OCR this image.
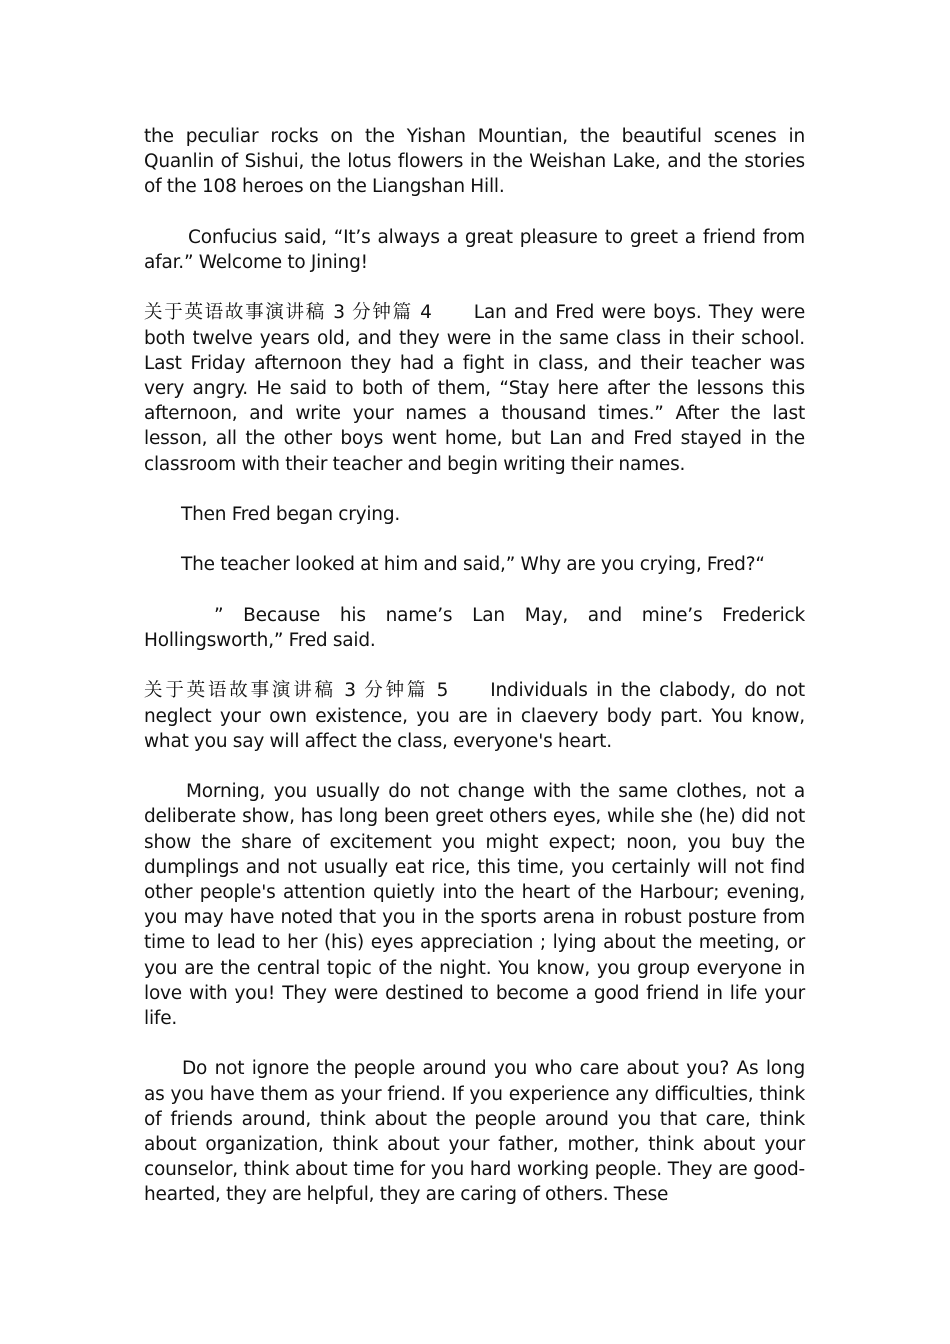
the peculiar rocks on the Yishan Mountian, the beautiful scenes in Quanlin of Sishui, the lotus flowers in the Weishan Lake, and the stories of the 108 heroes on the Liangshan Hill.

Confucius said, “It’s always a great pleasure to greet a friend from afar.” Welcome to Jining!

关于英语故事演讲稿 3 分钟篇 4 Lan and Fred were boys. They were both twelve years old, and they were in the same class in their school. Last Friday afternoon they had a fight in class, and their teacher was very angry. He said to both of them, “Stay here after the lessons this afternoon, and write your names a thousand times.” After the last lesson, all the other boys went home, but Lan and Fred stayed in the classroom with their teacher and begin writing their names.

Then Fred began crying.

The teacher looked at him and said,” Why are you crying, Fred?“

” Because his name’s Lan May, and mine’s Frederick Hollingsworth,” Fred said.

关于英语故事演讲稿 3 分钟篇 5 Individuals in the clabody, do not neglect your own existence, you are in claevery body part. You know, what you say will affect the class, everyone's heart.

Morning, you usually do not change with the same clothes, not a deliberate show, has long been greet others eyes, while she (he) did not show the share of excitement you might expect; noon, you buy the dumplings and not usually eat rice, this time, you certainly will not find other people's attention quietly into the heart of the Harbour; evening, you may have noted that you in the sports arena in robust posture from time to lead to her (his) eyes appreciation ; lying about the meeting, or you are the central topic of the night. You know, you group everyone in love with you! They were destined to become a good friend in life your life.

Do not ignore the people around you who care about you? As long as you have them as your friend. If you experience any difficulties, think of friends around, think about the people around you that care, think about organization, think about your father, mother, think about your counselor, think about time for you hard working people. They are good-hearted, they are helpful, they are caring of others. These
